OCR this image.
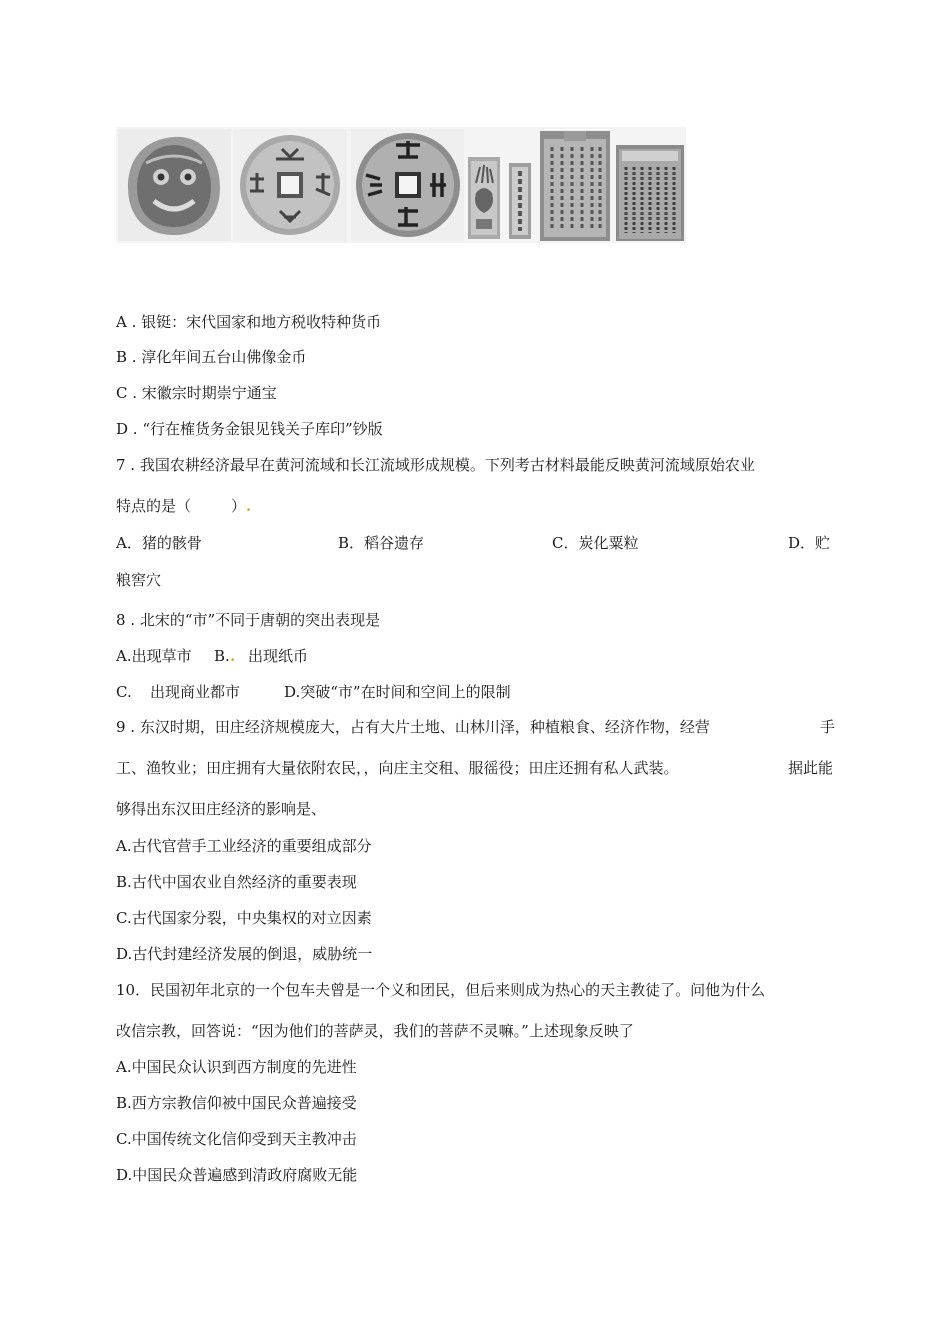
A . 银铤：宋代国家和地方税收特种货币
B . 淳化年间五台山佛像金币
C . 宋徽宗时期崇宁通宝
D . “行在榷货务金银见钱关子库印”钞版
7 . 我国农耕经济最早在黄河流域和长江流域形成规模。下列考古材料最能反映黄河流域原始农业
特点的是（	）.
A．猪的骸骨	B．稻谷遗存	C．炭化粟粒	D．贮
粮窖穴
8 . 北宋的“市”不同于唐朝的突出表现是
A.出现草市 B. . 出现纸币
C. 出现商业都市	D.突破“市”在时间和空间上的限制
9 . 东汉时期，田庄经济规模庞大，占有大片土地、山林川泽，种植粮食、经济作物，经营	手
工、渔牧业；田庄拥有大量依附农民，，向庄主交租、服徭役；田庄还拥有私人武装。	据此能
够得出东汉田庄经济的影响是、
A.古代官营手工业经济的重要组成部分
B.古代中国农业自然经济的重要表现
C.古代国家分裂，中央集权的对立因素
D.古代封建经济发展的倒退，威胁统一
10．民国初年北京的一个包车夫曾是一个义和团民，但后来则成为热心的天主教徒了。问他为什么
改信宗教，回答说：“因为他们的菩萨灵，我们的菩萨不灵嘛。”上述现象反映了
A.中国民众认识到西方制度的先进性
B.西方宗教信仰被中国民众普遍接受
C.中国传统文化信仰受到天主教冲击
D.中国民众普遍感到清政府腐败无能
